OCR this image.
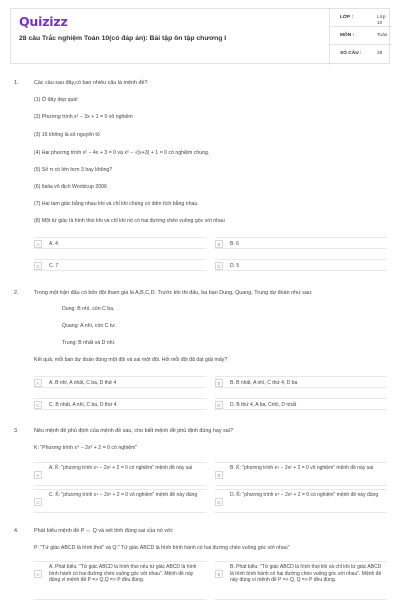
Quizizz
28 câu Trắc nghiệm Toán 10(có đáp án): Bài tập ôn tập chương I
LỚP :	Lớp 10
MÔN :	Toán
SỐ CÂU :	28
1.	Các câu sau đây,có bao nhiêu câu là mệnh đề?
(1) Ở đây đẹp quá!
(2) Phương trình x² − 3x + 1 = 0 vô nghiệm
(3) 16 không là số nguyên tố
(4) Hai phương trình x² − 4x + 3 = 0 và x² − √(x+3) + 1 = 0 có nghiệm chung.
(5) Số π có lớn hơn 3 hay không?
(6) Italia vô địch Worldcup 2006
(7) Hai tam giác bằng nhau khi và chỉ khi chúng có diện tích bằng nhau.
(8) Một tứ giác là hình thoi khi và chỉ khi nó có hai đường chéo vuông góc với nhau
A	A. 4	B	B. 6
C	C. 7	D	D. 5
2.	Trong một trận đấu có bốn đội tham gia là A,B,C,D. Trước khi thi đấu, ba bạn Dung, Quang, Trung dự đoán như sau:
Dung: B nhì, còn C ba.
Quang: A nhì, còn C tư.
Trung: B nhất và D nhì.
Kết quả, mỗi bạn dự đoán đúng một đội và sai một đội. Hỏi mỗi đội đã đạt giải mấy?
A	A. B nhì, A nhất, C ba, D thứ 4	B	B. B nhất, A nhì, C thứ 4, D ba
C	C. B nhất, A nhì, C ba, D thứ 4	D	D. B thứ 4, A ba, Cnhì, D nhất
3.	Nêu mệnh đề phủ định của mệnh đề sau, cho biết mệnh đề phủ định đúng hay sai?
K: "Phương trình x⁴ − 2x² + 2 = 0 có nghiệm"
A
A. K̄: "phương trình x⁴ − 2x² + 2 = 0 có nghiệm" mệnh đề này sai
B
B. K̄: "phương trình x⁴ − 2x² + 2 = 0 vô nghiệm" mệnh đề này sai
C
C. K̄: "phương trình x⁴ − 2x² + 2 = 0 vô nghiệm" mệnh đề này đúng
D
D. K̄: "phương trình x⁴ − 2x² + 2 = 0 có nghiệm" mệnh đề này đúng
4.	Phát biểu mệnh đề P ⇔ Q và xét tính đúng sai của nó với:
P: "Tứ giác ABCD là hình thoi" và Q:" Tứ giác ABCD là hình bình hành có hai đường chéo vuông góc với nhau"
A
A. Phát biểu: "Tứ giác ABCD là hình thoi nếu tứ giác ABCD là hình bình hành có hai đường chéo vuông góc với nhau". Mệnh đề này đúng vì mệnh đề P => Q,Q => P đều đúng.
B
B. Phát biểu: "Tứ giác ABCD là hình thoi khi và chỉ khi tứ giác ABCD là hình bình hành có hai đường chéo vuông góc với nhau". Mệnh đề này đúng vì mệnh đề P => Q, Q => P đều đúng.
